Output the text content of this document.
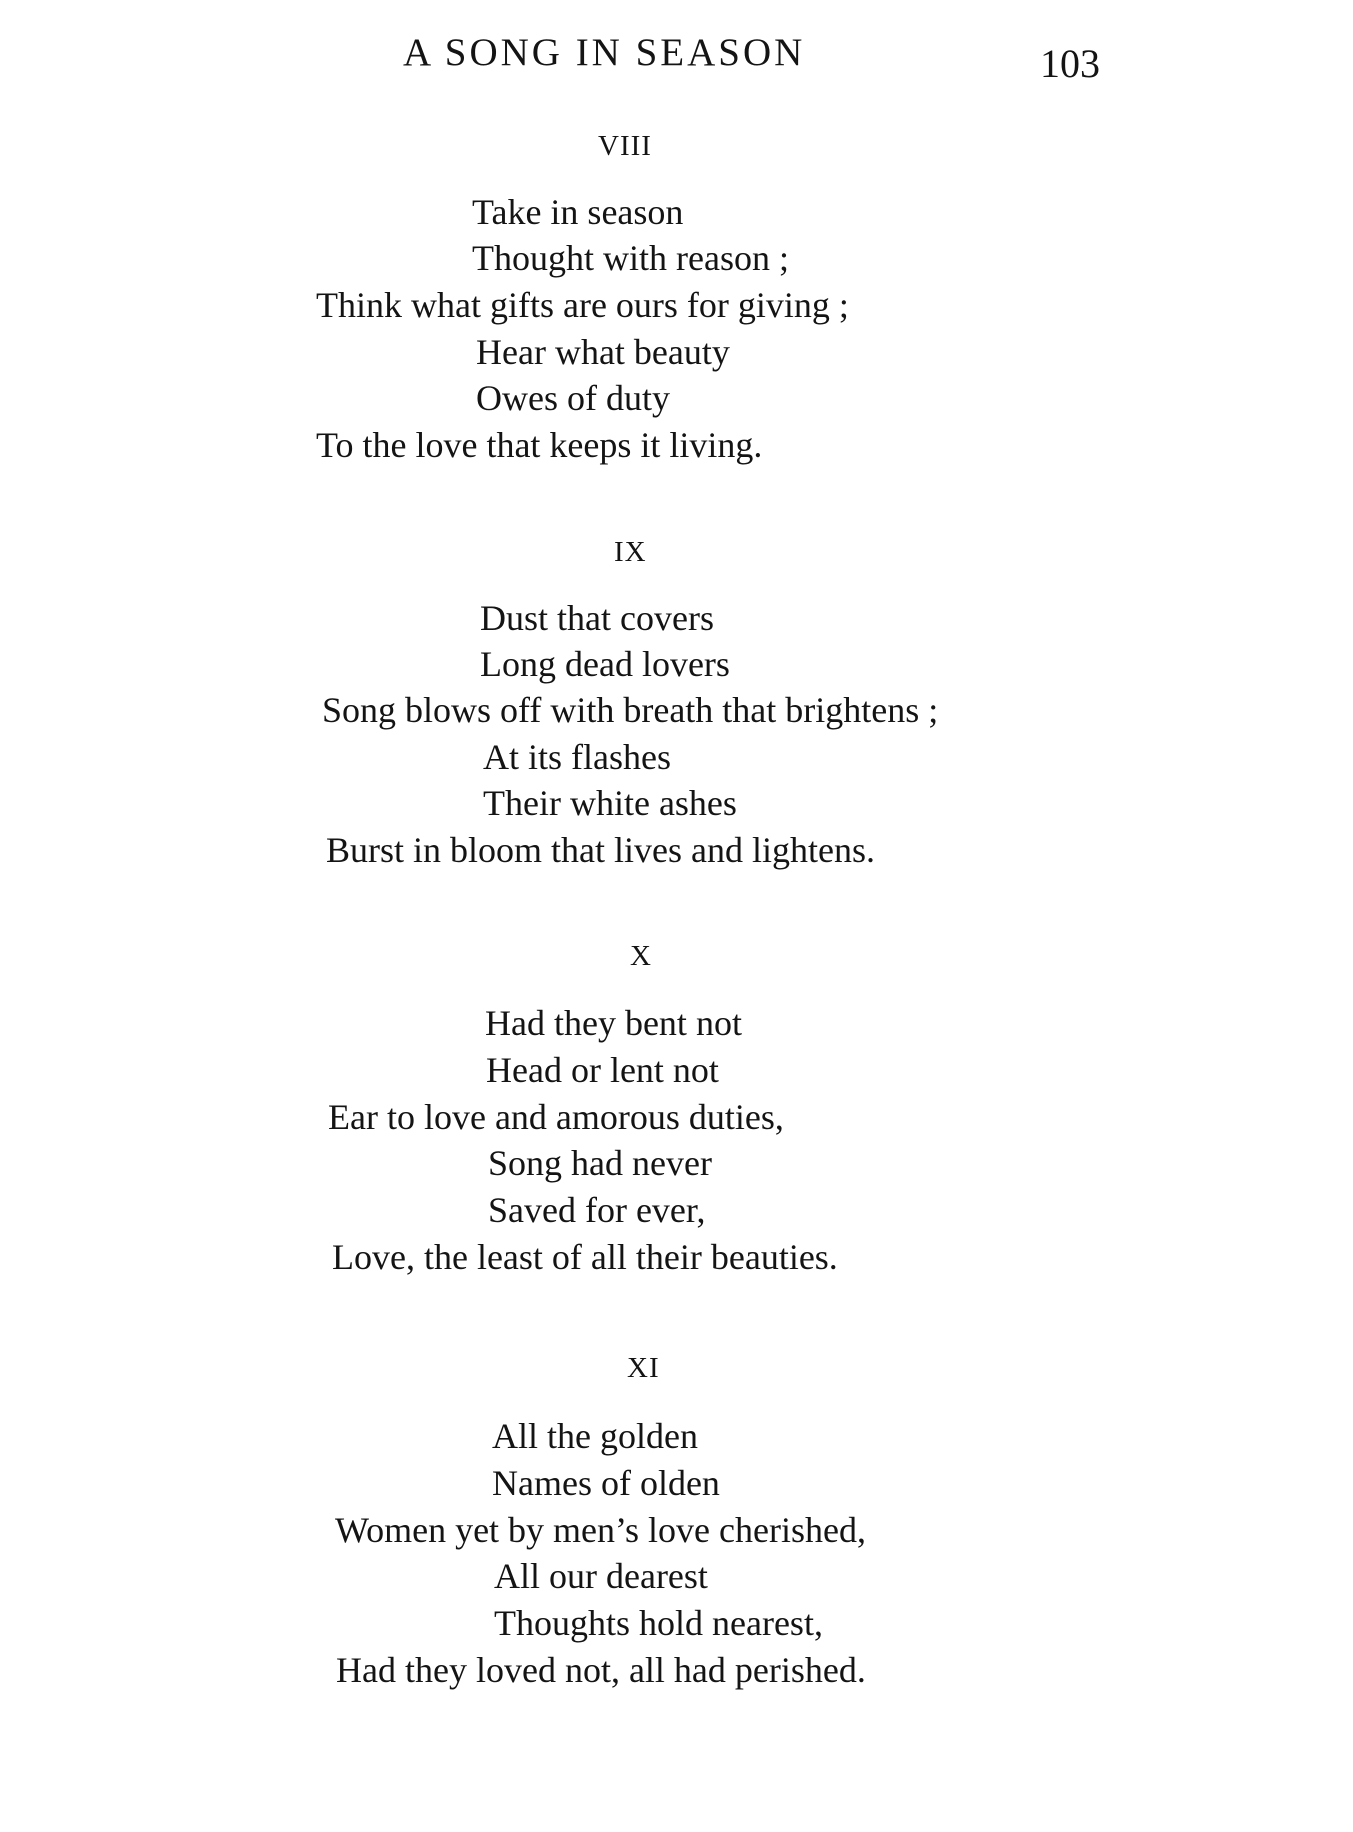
A SONG IN SEASON	103
VIII
Take in season
Thought with reason ;
Think what gifts are ours for giving ;
Hear what beauty
Owes of duty
To the love that keeps it living.
IX
Dust that covers
Long dead lovers
Song blows off with breath that brightens ;
At its flashes
Their white ashes
Burst in bloom that lives and lightens.
X
Had they bent not
Head or lent not
Ear to love and amorous duties,
Song had never
Saved for ever,
Love, the least of all their beauties.
XI
All the golden
Names of olden
Women yet by men’s love cherished,
All our dearest
Thoughts hold nearest,
Had they loved not, all had perished.
